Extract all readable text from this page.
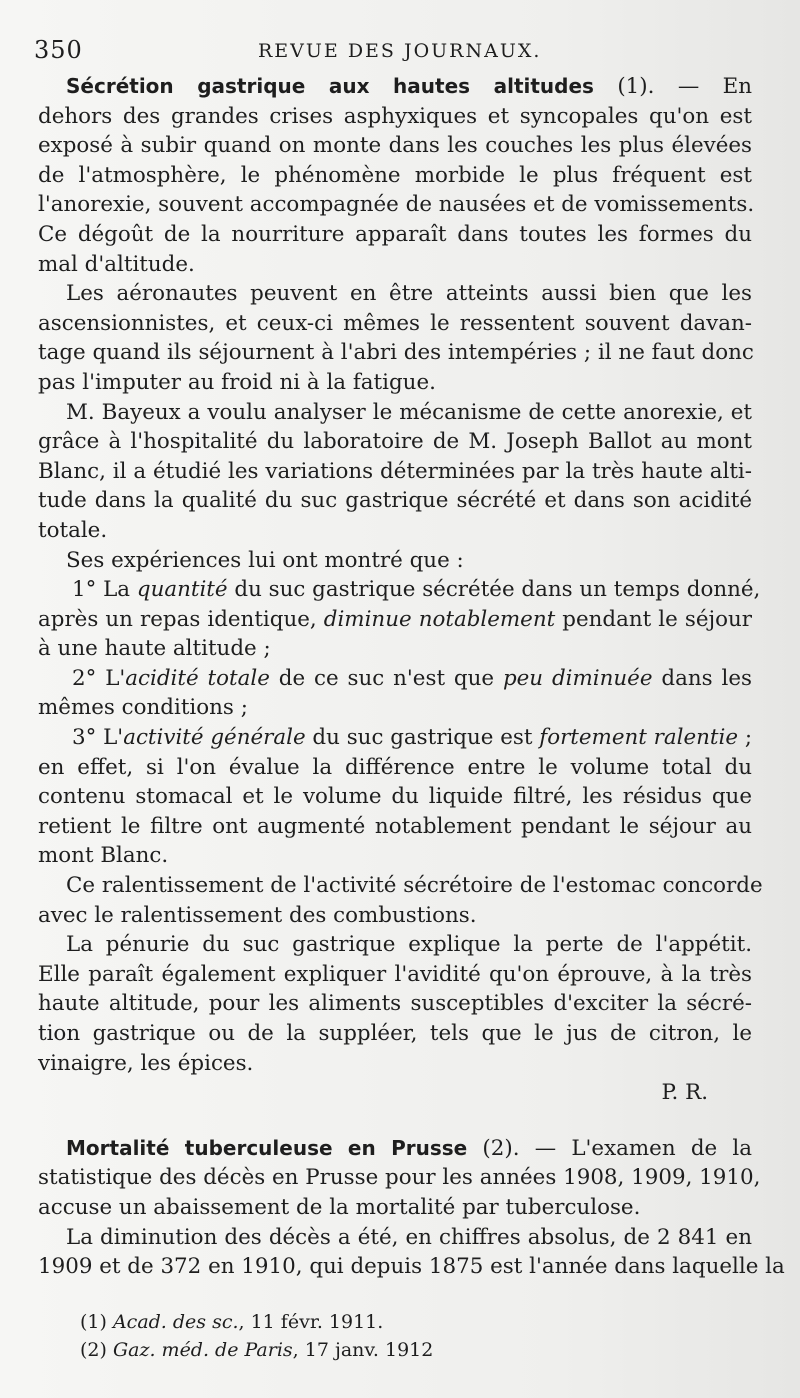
350	REVUE DES JOURNAUX.
Sécrétion gastrique aux hautes altitudes (1). — En
dehors des grandes crises asphyxiques et syncopales qu'on est
exposé à subir quand on monte dans les couches les plus élevées
de l'atmosphère, le phénomène morbide le plus fréquent est
l'anorexie, souvent accompagnée de nausées et de vomissements.
Ce dégoût de la nourriture apparaît dans toutes les formes du
mal d'altitude.
Les aéronautes peuvent en être atteints aussi bien que les
ascensionnistes, et ceux-ci mêmes le ressentent souvent davan-
tage quand ils séjournent à l'abri des intempéries ; il ne faut donc
pas l'imputer au froid ni à la fatigue.
M. Bayeux a voulu analyser le mécanisme de cette anorexie, et
grâce à l'hospitalité du laboratoire de M. Joseph Ballot au mont
Blanc, il a étudié les variations déterminées par la très haute alti-
tude dans la qualité du suc gastrique sécrété et dans son acidité
totale.
Ses expériences lui ont montré que :
1° La quantité du suc gastrique sécrétée dans un temps donné,
après un repas identique, diminue notablement pendant le séjour
à une haute altitude ;
2° L'acidité totale de ce suc n'est que peu diminuée dans les
mêmes conditions ;
3° L'activité générale du suc gastrique est fortement ralentie ;
en effet, si l'on évalue la différence entre le volume total du
contenu stomacal et le volume du liquide filtré, les résidus que
retient le filtre ont augmenté notablement pendant le séjour au
mont Blanc.
Ce ralentissement de l'activité sécrétoire de l'estomac concorde
avec le ralentissement des combustions.
La pénurie du suc gastrique explique la perte de l'appétit.
Elle paraît également expliquer l'avidité qu'on éprouve, à la très
haute altitude, pour les aliments susceptibles d'exciter la sécré-
tion gastrique ou de la suppléer, tels que le jus de citron, le
vinaigre, les épices.
P. R.
Mortalité tuberculeuse en Prusse (2). — L'examen de la
statistique des décès en Prusse pour les années 1908, 1909, 1910,
accuse un abaissement de la mortalité par tuberculose.
La diminution des décès a été, en chiffres absolus, de 2 841 en
1909 et de 372 en 1910, qui depuis 1875 est l'année dans laquelle la
(1) Acad. des sc., 11 févr. 1911.
(2) Gaz. méd. de Paris, 17 janv. 1912
